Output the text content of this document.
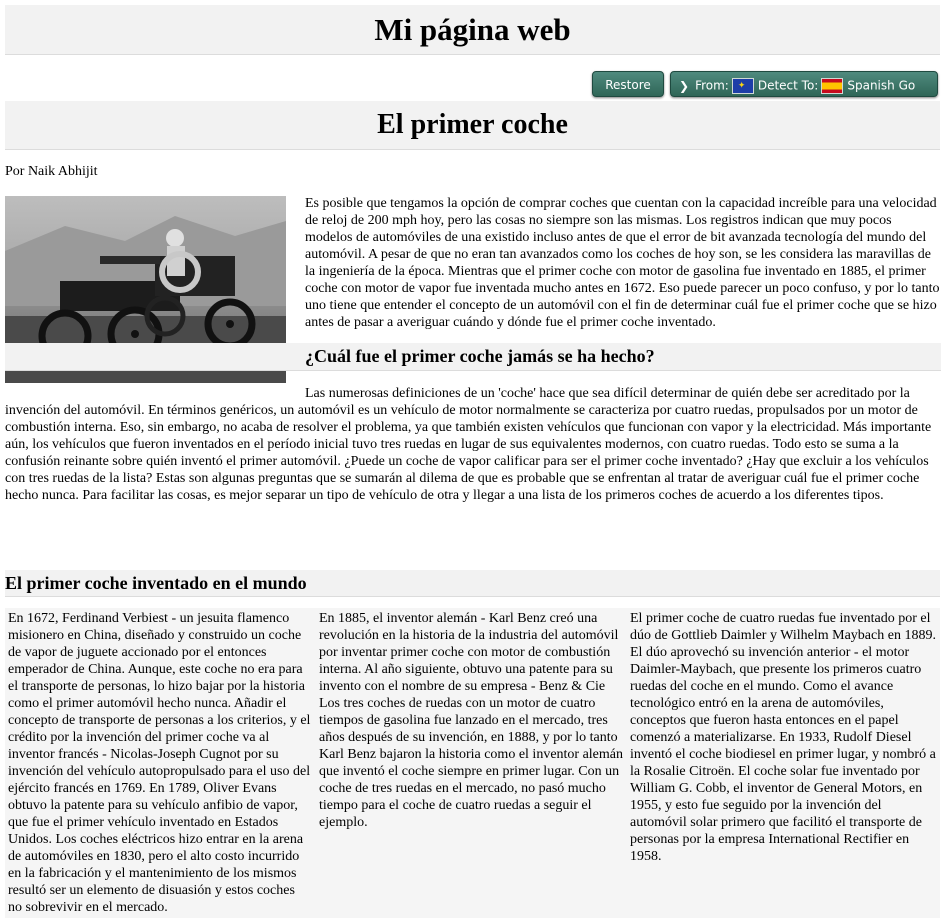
Mi página web
Restore	❯ From:✦ Detect To: Spanish Go
El primer coche
Por Naik Abhijit

Es posible que tengamos la opción de comprar coches que cuentan con la capacidad increíble para una velocidad de reloj de 200 mph hoy, pero las cosas no siempre son las mismas. Los registros indican que muy pocos modelos de automóviles de una existido incluso antes de que el error de bit avanzada tecnología del mundo del automóvil. A pesar de que no eran tan avanzados como los coches de hoy son, se les considera las maravillas de la ingeniería de la época. Mientras que el primer coche con motor de gasolina fue inventado en 1885, el primer coche con motor de vapor fue inventada mucho antes en 1672. Eso puede parecer un poco confuso, y por lo tanto uno tiene que entender el concepto de un automóvil con el fin de determinar cuál fue el primer coche que se hizo antes de pasar a averiguar cuándo y dónde fue el primer coche inventado.

¿Cuál fue el primer coche jamás se ha hecho?

Las numerosas definiciones de un 'coche' hace que sea difícil determinar de quién debe ser acreditado por la invención del automóvil. En términos genéricos, un automóvil es un vehículo de motor normalmente se caracteriza por cuatro ruedas, propulsados por un motor de combustión interna. Eso, sin embargo, no acaba de resolver el problema, ya que también existen vehículos que funcionan con vapor y la electricidad. Más importante aún, los vehículos que fueron inventados en el período inicial tuvo tres ruedas en lugar de sus equivalentes modernos, con cuatro ruedas. Todo esto se suma a la confusión reinante sobre quién inventó el primer automóvil. ¿Puede un coche de vapor calificar para ser el primer coche inventado? ¿Hay que excluir a los vehículos con tres ruedas de la lista? Estas son algunas preguntas que se sumarán al dilema de que es probable que se enfrentan al tratar de averiguar cuál fue el primer coche hecho nunca. Para facilitar las cosas, es mejor separar un tipo de vehículo de otra y llegar a una lista de los primeros coches de acuerdo a los diferentes tipos.

El primer coche inventado en el mundo
En 1672, Ferdinand Verbiest - un jesuita flamenco misionero en China, diseñado y construido un coche de vapor de juguete accionado por el entonces emperador de China. Aunque, este coche no era para el transporte de personas, lo hizo bajar por la historia como el primer automóvil hecho nunca. Añadir el concepto de transporte de personas a los criterios, y el crédito por la invención del primer coche va al inventor francés - Nicolas-Joseph Cugnot por su invención del vehículo autopropulsado para el uso del ejército francés en 1769. En 1789, Oliver Evans obtuvo la patente para su vehículo anfibio de vapor, que fue el primer vehículo inventado en Estados Unidos. Los coches eléctricos hizo entrar en la arena de automóviles en 1830, pero el alto costo incurrido en la fabricación y el mantenimiento de los mismos resultó ser un elemento de disuasión y estos coches no sobrevivir en el mercado.
En 1885, el inventor alemán - Karl Benz creó una revolución en la historia de la industria del automóvil por inventar primer coche con motor de combustión interna. Al año siguiente, obtuvo una patente para su invento con el nombre de su empresa - Benz & Cie Los tres coches de ruedas con un motor de cuatro tiempos de gasolina fue lanzado en el mercado, tres años después de su invención, en 1888, y por lo tanto Karl Benz bajaron la historia como el inventor alemán que inventó el coche siempre en primer lugar. Con un coche de tres ruedas en el mercado, no pasó mucho tiempo para el coche de cuatro ruedas a seguir el ejemplo.
El primer coche de cuatro ruedas fue inventado por el dúo de Gottlieb Daimler y Wilhelm Maybach en 1889. El dúo aprovechó su invención anterior - el motor Daimler-Maybach, que presente los primeros cuatro ruedas del coche en el mundo. Como el avance tecnológico entró en la arena de automóviles, conceptos que fueron hasta entonces en el papel comenzó a materializarse. En 1933, Rudolf Diesel inventó el coche biodiesel en primer lugar, y nombró a la Rosalie Citroën. El coche solar fue inventado por William G. Cobb, el inventor de General Motors, en 1955, y esto fue seguido por la invención del automóvil solar primero que facilitó el transporte de personas por la empresa International Rectifier en 1958.
